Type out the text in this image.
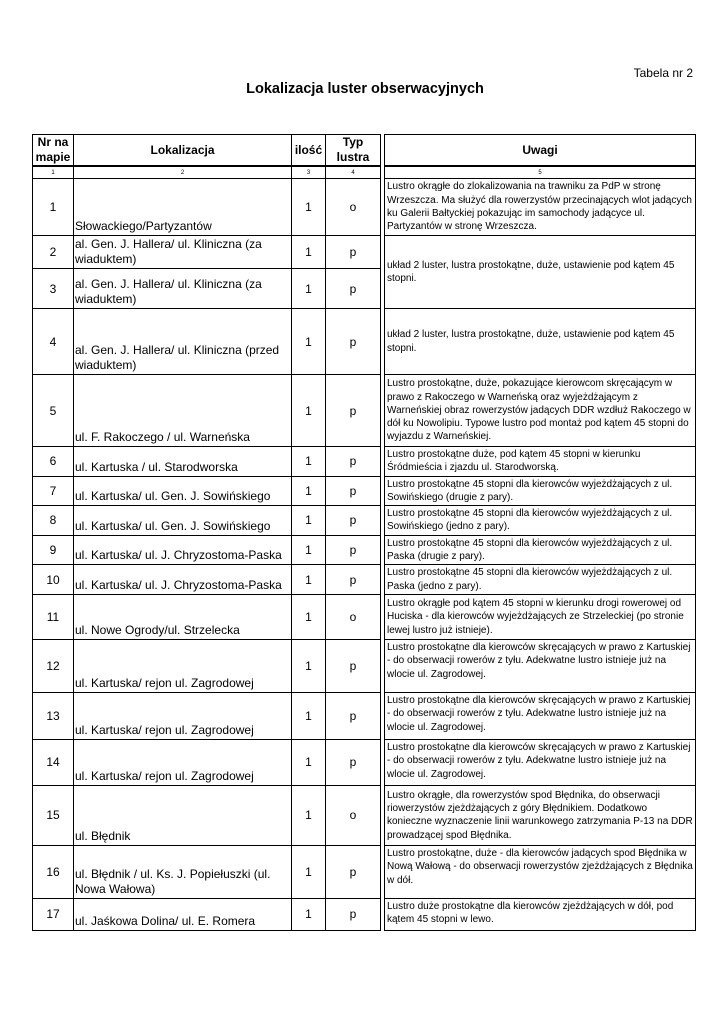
Tabela nr 2
Lokalizacja luster obserwacyjnych
Nr na mapie	Lokalizacja	ilość	Typ lustra		Uwagi
1	2	3	4		5
1	Słowackiego/Partyzantów	1	o		Lustro okrągłe do zlokalizowania na trawniku za PdP w stronę Wrzeszcza. Ma służyć dla rowerzystów przecinających wlot jadących ku Galerii Bałtyckiej pokazując im samochody jadącyce ul. Partyzantów w stronę Wrzeszcza.
2	al. Gen. J. Hallera/ ul. Kliniczna (za wiaduktem)	1	p		układ 2 luster, lustra prostokątne, duże, ustawienie pod kątem 45 stopni.
3	al. Gen. J. Hallera/ ul. Kliniczna (za wiaduktem)	1	p		
4	al. Gen. J. Hallera/ ul. Kliniczna (przed wiaduktem)	1	p		układ 2 luster, lustra prostokątne, duże, ustawienie pod kątem 45 stopni.
5	ul. F. Rakoczego / ul. Warneńska	1	p		Lustro prostokątne, duże, pokazujące kierowcom skręcającym w prawo z Rakoczego w Warneńską oraz wyjeżdżającym z Warneńskiej obraz rowerzystów jadących DDR wzdłuż Rakoczego w dół ku Nowolipiu. Typowe lustro pod montaż pod kątem 45 stopni do wyjazdu z Warneńskiej.
6	ul. Kartuska / ul. Starodworska	1	p		Lustro prostokątne duże, pod kątem 45 stopni w kierunku Śródmieścia i zjazdu ul. Starodworską.
7	ul. Kartuska/ ul. Gen. J. Sowińskiego	1	p		Lustro prostokątne 45 stopni dla kierowców wyjeżdżających z ul. Sowińskiego (drugie z pary).
8	ul. Kartuska/ ul. Gen. J. Sowińskiego	1	p		Lustro prostokątne 45 stopni dla kierowców wyjeżdżających z ul. Sowińskiego (jedno z pary).
9	ul. Kartuska/ ul. J. Chryzostoma-Paska	1	p		Lustro prostokątne 45 stopni dla kierowców wyjeżdżających z ul. Paska (drugie z pary).
10	ul. Kartuska/ ul. J. Chryzostoma-Paska	1	p		Lustro prostokątne 45 stopni dla kierowców wyjeżdżających z ul. Paska (jedno z pary).
11	ul. Nowe Ogrody/ul. Strzelecka	1	o		Lustro okrągłe pod kątem 45 stopni w kierunku drogi rowerowej od Huciska - dla kierowców wyjeżdżających ze Strzeleckiej (po stronie lewej lustro już istnieje).
12	ul. Kartuska/ rejon ul. Zagrodowej	1	p		Lustro prostokątne dla kierowców skręcających w prawo z Kartuskiej - do obserwacji rowerów z tyłu. Adekwatne lustro istnieje już na wlocie ul. Zagrodowej.
13	ul. Kartuska/ rejon ul. Zagrodowej	1	p		Lustro prostokątne dla kierowców skręcających w prawo z Kartuskiej - do obserwacji rowerów z tyłu. Adekwatne lustro istnieje już na wlocie ul. Zagrodowej.
14	ul. Kartuska/ rejon ul. Zagrodowej	1	p		Lustro prostokątne dla kierowców skręcających w prawo z Kartuskiej - do obserwacji rowerów z tyłu. Adekwatne lustro istnieje już na wlocie ul. Zagrodowej.
15	ul. Błędnik	1	o		Lustro okrągłe, dla rowerzystów spod Błędnika, do obserwacji riowerzystów zjeżdżających z góry Błędnikiem. Dodatkowo konieczne wyznaczenie linii warunkowego zatrzymania P-13 na DDR prowadzącej spod Błędnika.
16	ul. Błędnik / ul. Ks. J. Popiełuszki (ul. Nowa Wałowa)	1	p		Lustro prostokątne, duże - dla kierowców jadących spod Błędnika w Nową Wałową - do obserwacji rowerzystów zjeżdżających z Błędnika w dół.
17	ul. Jaśkowa Dolina/ ul. E. Romera	1	p		Lustro duże prostokątne dla kierowców zjeżdżających w dół, pod kątem 45 stopni w lewo.
